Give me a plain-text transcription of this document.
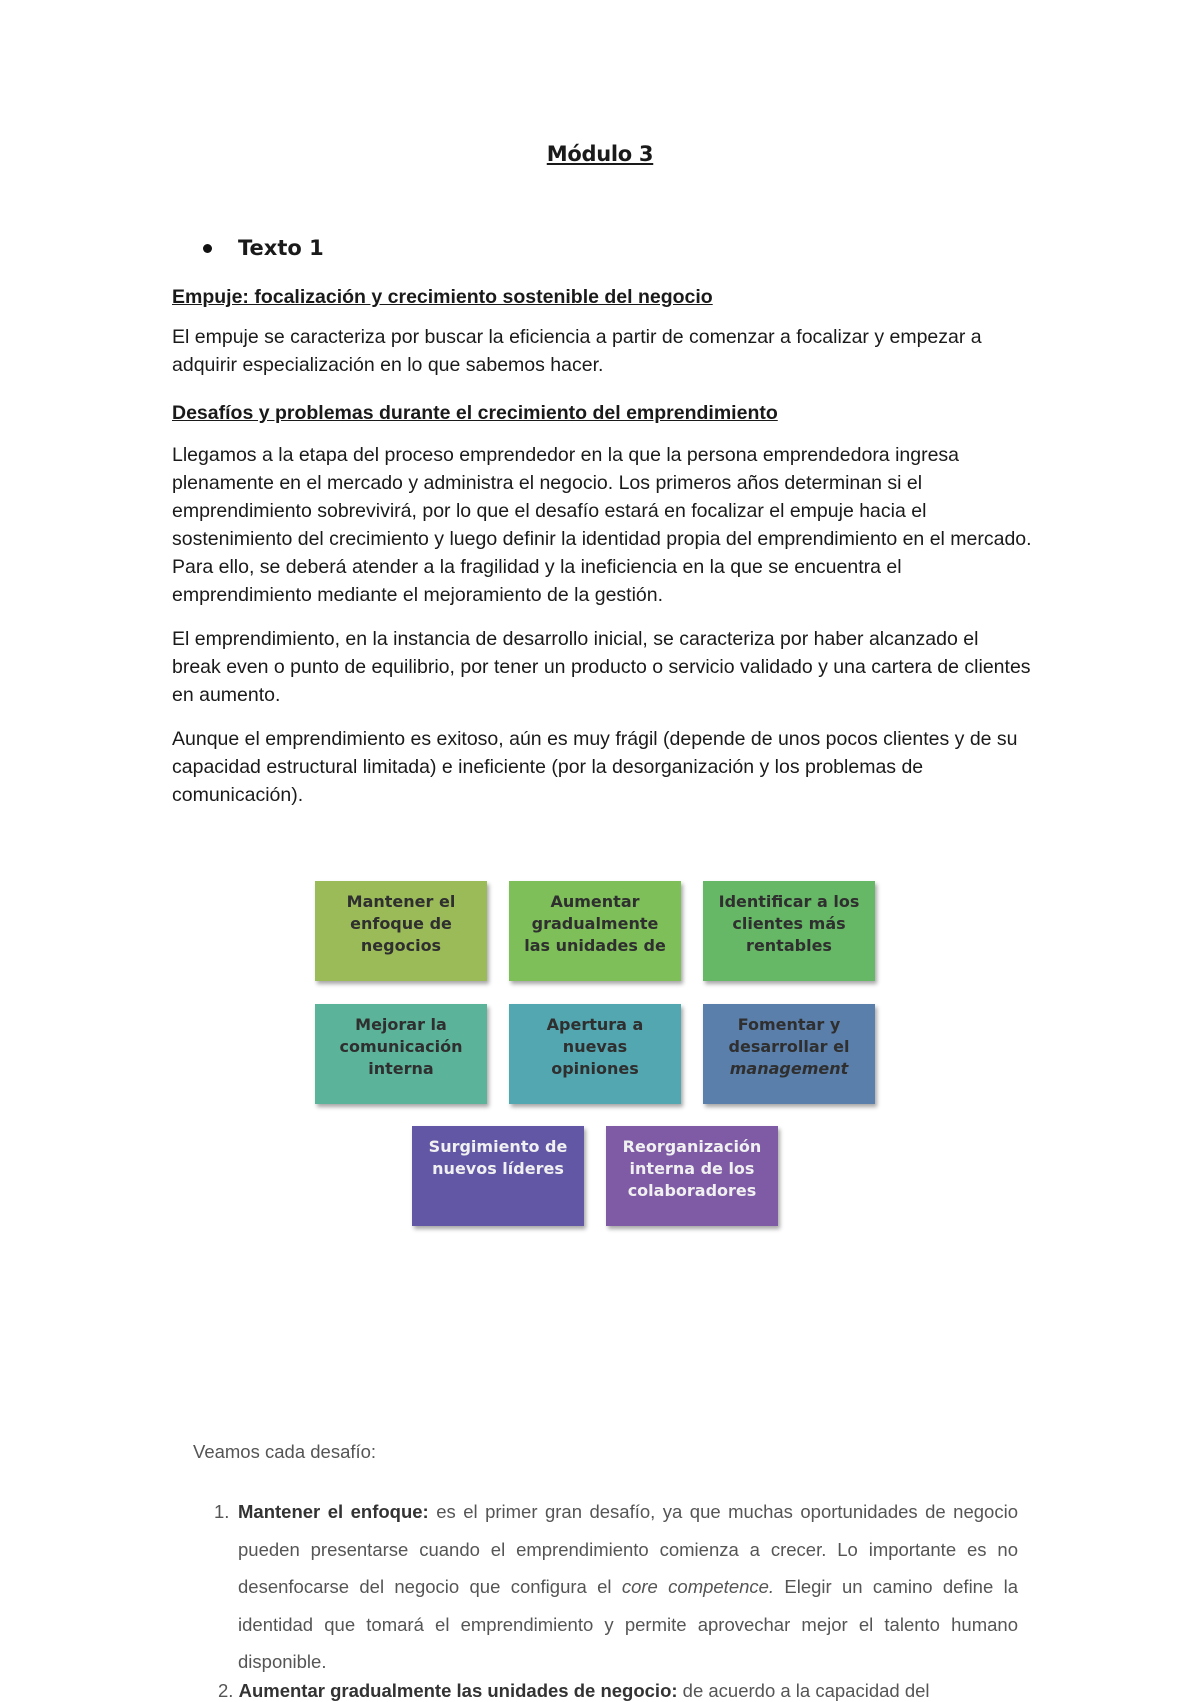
Módulo 3
Texto 1

Empuje: focalización y crecimiento sostenible del negocio

El empuje se caracteriza por buscar la eficiencia a partir de comenzar a focalizar y empezar a adquirir especialización en lo que sabemos hacer.

Desafíos y problemas durante el crecimiento del emprendimiento

Llegamos a la etapa del proceso emprendedor en la que la persona emprendedora ingresa plenamente en el mercado y administra el negocio. Los primeros años determinan si el emprendimiento sobrevivirá, por lo que el desafío estará en focalizar el empuje hacia el sostenimiento del crecimiento y luego definir la identidad propia del emprendimiento en el mercado. Para ello, se deberá atender a la fragilidad y la ineficiencia en la que se encuentra el emprendimiento mediante el mejoramiento de la gestión.

El emprendimiento, en la instancia de desarrollo inicial, se caracteriza por haber alcanzado el break even o punto de equilibrio, por tener un producto o servicio validado y una cartera de clientes en aumento.

Aunque el emprendimiento es exitoso, aún es muy frágil (depende de unos pocos clientes y de su capacidad estructural limitada) e ineficiente (por la desorganización y los problemas de comunicación).

Mantener el enfoque de negocios
Aumentar gradualmente las unidades de
Identificar a los clientes más rentables
Mejorar la comunicación interna
Apertura a nuevas opiniones
Fomentar y desarrollar el
management
Surgimiento de nuevos líderes
Reorganización interna de los colaboradores
Veamos cada desafío:
1. Mantener el enfoque: es el primer gran desafío, ya que muchas oportunidades de negocio pueden presentarse cuando el emprendimiento comienza a crecer. Lo importante es no desenfocarse del negocio que configura el core competence. Elegir un camino define la identidad que tomará el emprendimiento y permite aprovechar mejor el talento humano disponible.
2. Aumentar gradualmente las unidades de negocio: de acuerdo a la capacidad del
